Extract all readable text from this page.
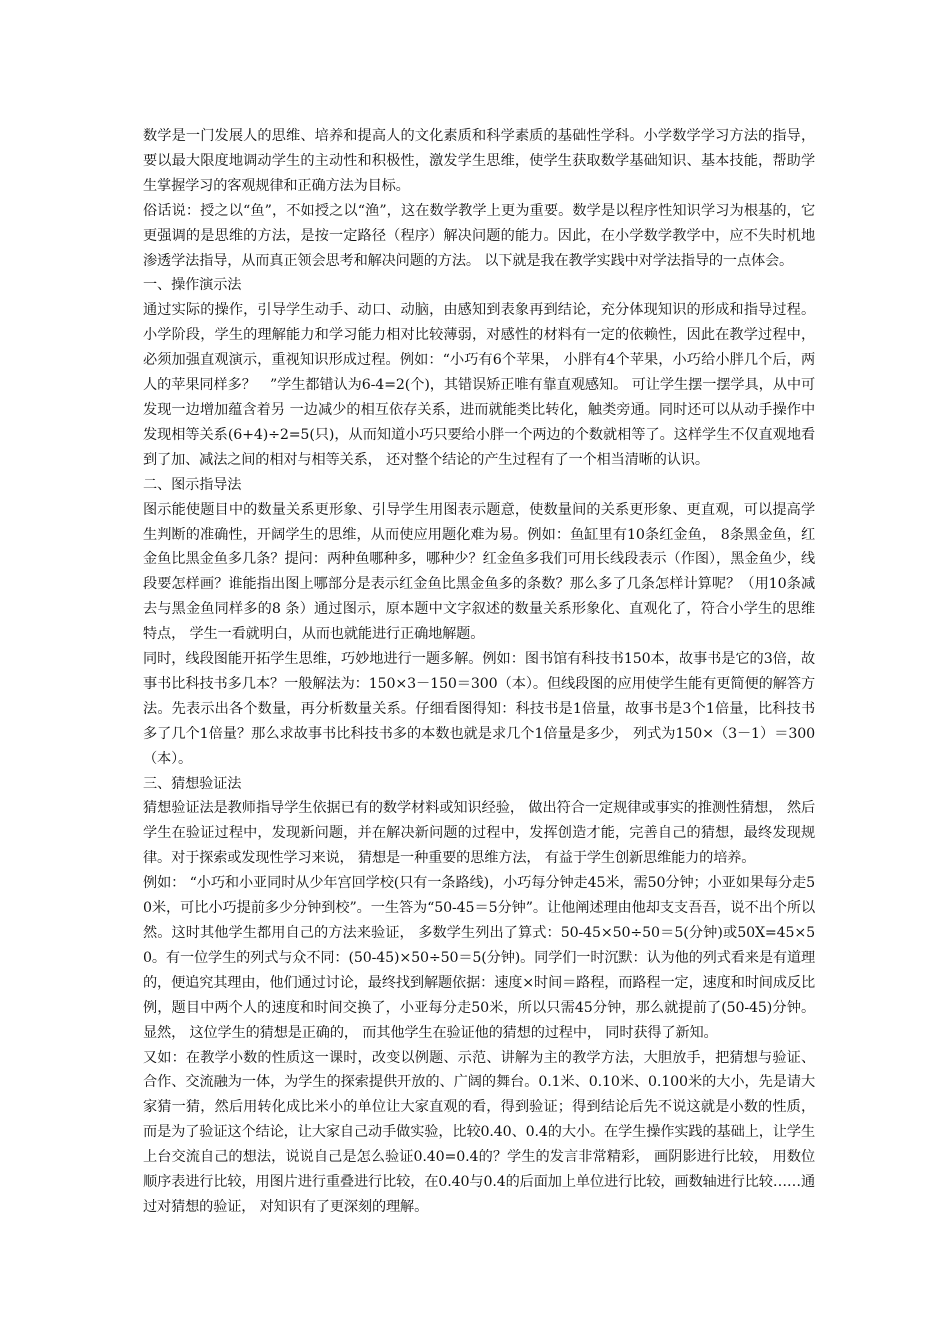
数学是一门发展人的思维、培养和提高人的文化素质和科学素质的基础性学科。小学数学学习方法的指导，要以最大限度地调动学生的主动性和积极性，激发学生思维，使学生获取数学基础知识、基本技能，帮助学生掌握学习的客观规律和正确方法为目标。

俗话说：授之以“鱼”，不如授之以“渔”，这在数学教学上更为重要。数学是以程序性知识学习为根基的，它更强调的是思维的方法，是按一定路径（程序）解决问题的能力。因此，在小学数学教学中，应不失时机地渗透学法指导，从而真正领会思考和解决问题的方法。 以下就是我在教学实践中对学法指导的一点体会。

一、操作演示法

通过实际的操作，引导学生动手、动口、动脑，由感知到表象再到结论，充分体现知识的形成和指导过程。小学阶段，学生的理解能力和学习能力相对比较薄弱，对感性的材料有一定的依赖性，因此在教学过程中，必须加强直观演示，重视知识形成过程。例如：“小巧有6个苹果， 小胖有4个苹果，小巧给小胖几个后，两人的苹果同样多？　”学生都错认为6-4=2(个)，其错误矫正唯有靠直观感知。 可让学生摆一摆学具，从中可发现一边增加蕴含着另 一边减少的相互依存关系，进而就能类比转化，触类旁通。同时还可以从动手操作中发现相等关系(6+4)÷2=5(只)，从而知道小巧只要给小胖一个两边的个数就相等了。这样学生不仅直观地看到了加、减法之间的相对与相等关系， 还对整个结论的产生过程有了一个相当清晰的认识。

二、图示指导法

图示能使题目中的数量关系更形象、引导学生用图表示题意，使数量间的关系更形象、更直观，可以提高学生判断的准确性，开阔学生的思维，从而使应用题化难为易。例如：鱼缸里有10条红金鱼， 8条黑金鱼，红金鱼比黑金鱼多几条？提问：两种鱼哪种多，哪种少？红金鱼多我们可用长线段表示（作图），黑金鱼少，线段要怎样画？谁能指出图上哪部分是表示红金鱼比黑金鱼多的条数？那么多了几条怎样计算呢？（用10条减去与黑金鱼同样多的8 条）通过图示，原本题中文字叙述的数量关系形象化、直观化了，符合小学生的思维特点， 学生一看就明白，从而也就能进行正确地解题。

同时，线段图能开拓学生思维，巧妙地进行一题多解。例如：图书馆有科技书150本，故事书是它的3倍，故事书比科技书多几本？一般解法为：150×3－150＝300（本）。但线段图的应用使学生能有更简便的解答方法。先表示出各个数量，再分析数量关系。仔细看图得知：科技书是1倍量，故事书是3个1倍量，比科技书多了几个1倍量？那么求故事书比科技书多的本数也就是求几个1倍量是多少， 列式为150×（3－1）＝300（本）。

三、猜想验证法

猜想验证法是教师指导学生依据已有的数学材料或知识经验， 做出符合一定规律或事实的推测性猜想， 然后学生在验证过程中，发现新问题，并在解决新问题的过程中，发挥创造才能，完善自己的猜想，最终发现规律。对于探索或发现性学习来说， 猜想是一种重要的思维方法， 有益于学生创新思维能力的培养。

例如： “小巧和小亚同时从少年宫回学校(只有一条路线)，小巧每分钟走45米，需50分钟；小亚如果每分走50米，可比小巧提前多少分钟到校”。一生答为“50-45＝5分钟”。让他阐述理由他却支支吾吾，说不出个所以然。这时其他学生都用自己的方法来验证， 多数学生列出了算式：50-45×50÷50＝5(分钟)或50X=45×50。有一位学生的列式与众不同：(50-45)×50÷50＝5(分钟)。同学们一时沉默：认为他的列式看来是有道理的，便追究其理由，他们通过讨论，最终找到解题依据：速度×时间＝路程，而路程一定，速度和时间成反比例，题目中两个人的速度和时间交换了，小亚每分走50米，所以只需45分钟，那么就提前了(50-45)分钟。 显然， 这位学生的猜想是正确的， 而其他学生在验证他的猜想的过程中， 同时获得了新知。

又如：在教学小数的性质这一课时，改变以例题、示范、讲解为主的教学方法，大胆放手，把猜想与验证、合作、交流融为一体，为学生的探索提供开放的、广阔的舞台。0.1米、0.10米、0.100米的大小，先是请大家猜一猜，然后用转化成比米小的单位让大家直观的看，得到验证；得到结论后先不说这就是小数的性质，而是为了验证这个结论，让大家自己动手做实验，比较0.40、0.4的大小。在学生操作实践的基础上，让学生上台交流自己的想法，说说自己是怎么验证0.40=0.4的？学生的发言非常精彩， 画阴影进行比较， 用数位顺序表进行比较，用图片进行重叠进行比较，在0.40与0.4的后面加上单位进行比较，画数轴进行比较……通过对猜想的验证， 对知识有了更深刻的理解。
